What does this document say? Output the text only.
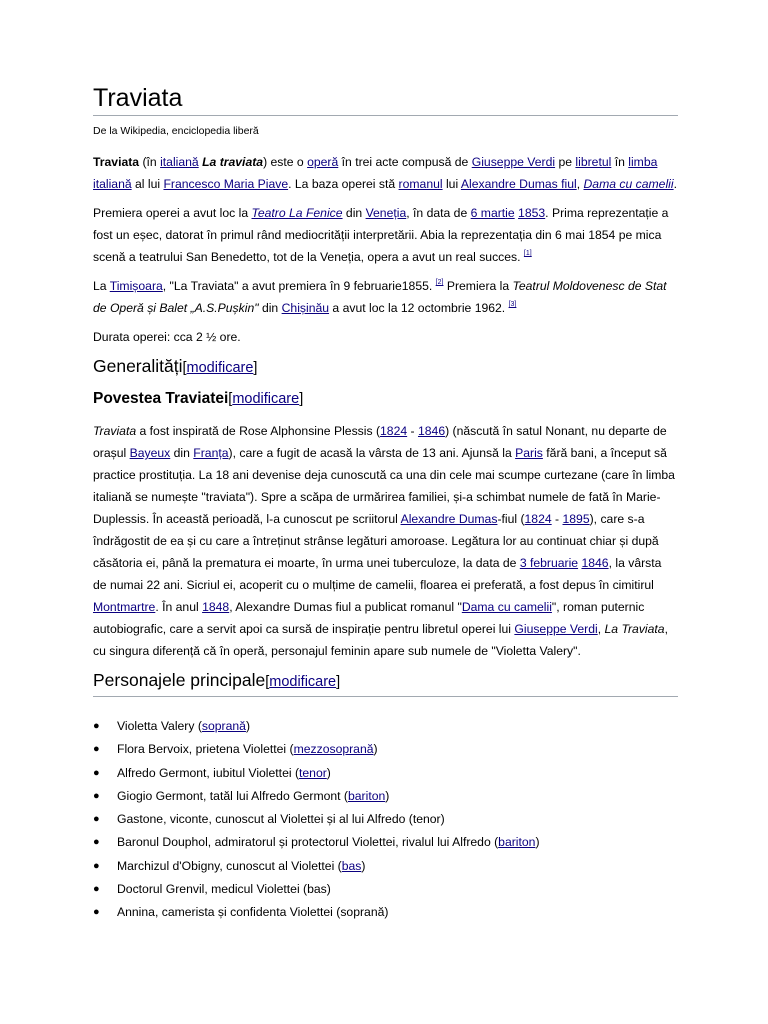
Traviata
De la Wikipedia, enciclopedia liberă

Traviata (în italiană La traviata) este o operă în trei acte compusă de Giuseppe Verdi pe libretul în limba italiană al lui Francesco Maria Piave. La baza operei stă romanul lui Alexandre Dumas fiul, Dama cu camelii.

Premiera operei a avut loc la Teatro La Fenice din Veneția, în data de 6 martie 1853. Prima reprezentație a fost un eșec, datorat în primul rând mediocrității interpretării. Abia la reprezentația din 6 mai 1854 pe mica scenă a teatrului San Benedetto, tot de la Veneția, opera a avut un real succes. [1]

La Timișoara, "La Traviata" a avut premiera în 9 februarie1855. [2] Premiera la Teatrul Moldovenesc de Stat de Operă și Balet „A.S.Pușkin" din Chișinău a avut loc la 12 octombrie 1962. [3]

Durata operei: cca 2 ½ ore.

Generalități[modificare]
Povestea Traviatei[modificare]

Traviata a fost inspirată de Rose Alphonsine Plessis (1824 - 1846) (născută în satul Nonant, nu departe de orașul Bayeux din Franța), care a fugit de acasă la vârsta de 13 ani. Ajunsă la Paris fără bani, a început să practice prostituția. La 18 ani devenise deja cunoscută ca una din cele mai scumpe curtezane (care în limba italiană se numește "traviata"). Spre a scăpa de urmărirea familiei, și-a schimbat numele de fată în Marie-Duplessis. În această perioadă, l-a cunoscut pe scriitorul Alexandre Dumas-fiul (1824 - 1895), care s-a îndrăgostit de ea și cu care a întreținut strânse legături amoroase. Legătura lor au continuat chiar și după căsătoria ei, până la prematura ei moarte, în urma unei tuberculoze, la data de 3 februarie 1846, la vârsta de numai 22 ani. Sicriul ei, acoperit cu o mulțime de camelii, floarea ei preferată, a fost depus în cimitirul Montmartre. În anul 1848, Alexandre Dumas fiul a publicat romanul "Dama cu camelii", roman puternic autobiografic, care a servit apoi ca sursă de inspirație pentru libretul operei lui Giuseppe Verdi, La Traviata, cu singura diferență că în operă, personajul feminin apare sub numele de "Violetta Valery".

Personajele principale[modificare]
● Violetta Valery (soprană)
● Flora Bervoix, prietena Violettei (mezzosoprană)
● Alfredo Germont, iubitul Violettei (tenor)
● Giogio Germont, tatăl lui Alfredo Germont (bariton)
● Gastone, viconte, cunoscut al Violettei și al lui Alfredo (tenor)
● Baronul Douphol, admiratorul și protectorul Violettei, rivalul lui Alfredo (bariton)
● Marchizul d'Obigny, cunoscut al Violettei (bas)
● Doctorul Grenvil, medicul Violettei (bas)
● Annina, camerista și confidenta Violettei (soprană)
